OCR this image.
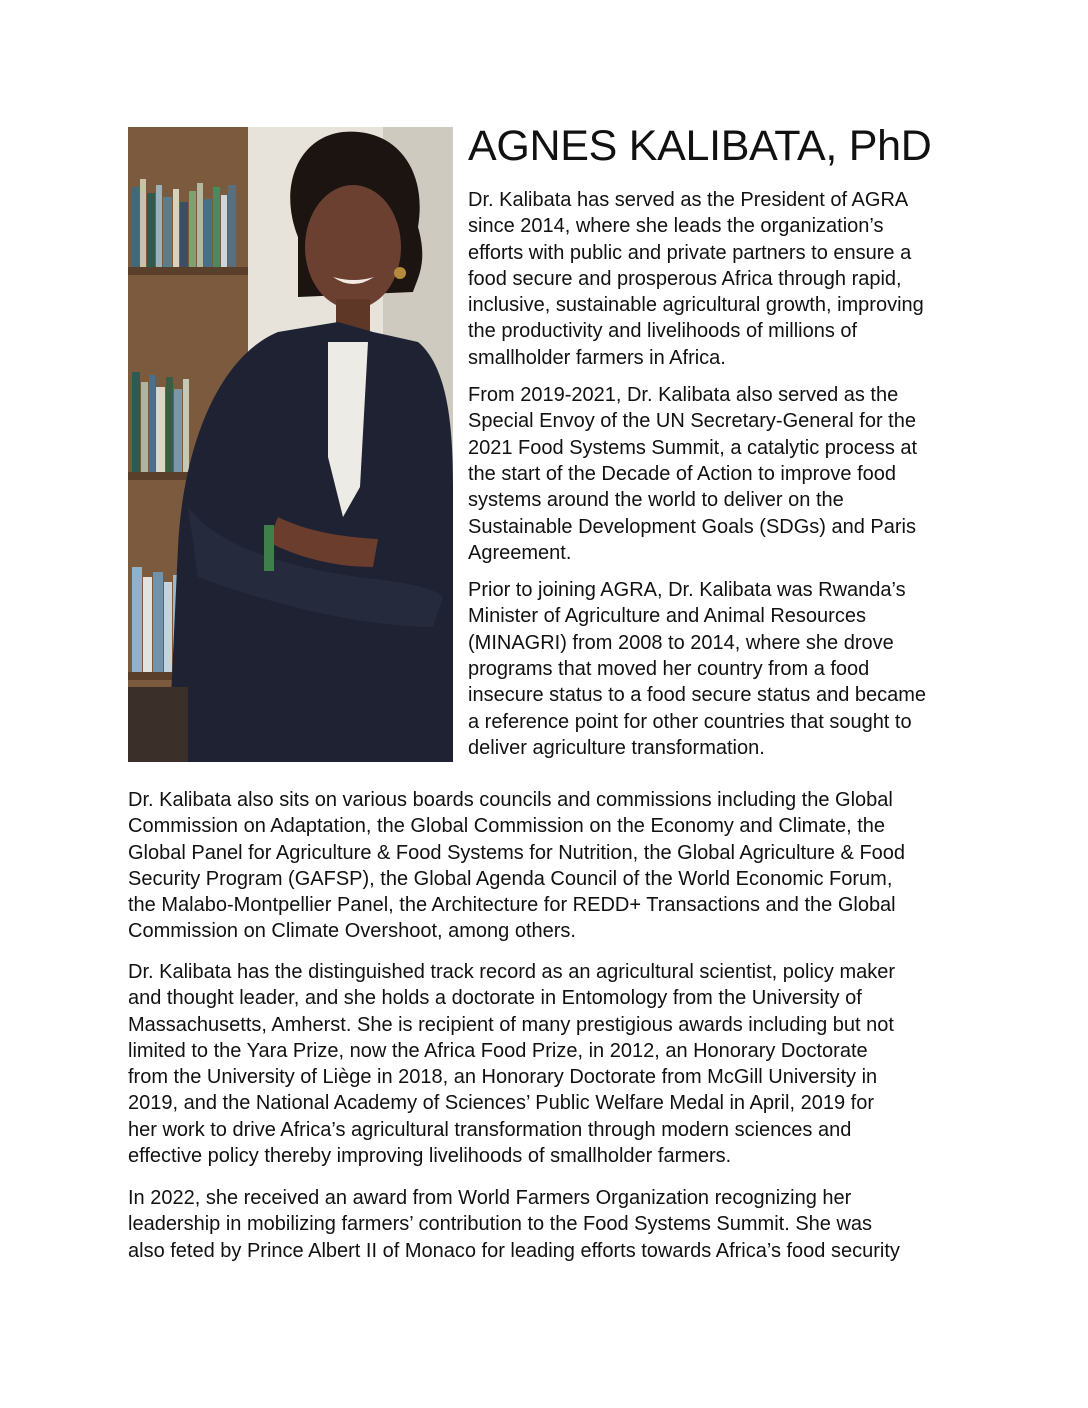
AGNES KALIBATA, PhD

Dr. Kalibata has served as the President of AGRA
since 2014, where she leads the organization’s
efforts with public and private partners to ensure a
food secure and prosperous Africa through rapid,
inclusive, sustainable agricultural growth, improving
the productivity and livelihoods of millions of
smallholder farmers in Africa.

From 2019-2021, Dr. Kalibata also served as the
Special Envoy of the UN Secretary-General for the
2021 Food Systems Summit, a catalytic process at
the start of the Decade of Action to improve food
systems around the world to deliver on the
Sustainable Development Goals (SDGs) and Paris
Agreement.

Prior to joining AGRA, Dr. Kalibata was Rwanda’s
Minister of Agriculture and Animal Resources
(MINAGRI) from 2008 to 2014, where she drove
programs that moved her country from a food
insecure status to a food secure status and became
a reference point for other countries that sought to
deliver agriculture transformation.

Dr. Kalibata also sits on various boards councils and commissions including the Global
Commission on Adaptation, the Global Commission on the Economy and Climate, the
Global Panel for Agriculture & Food Systems for Nutrition, the Global Agriculture & Food
Security Program (GAFSP), the Global Agenda Council of the World Economic Forum,
the Malabo-Montpellier Panel, the Architecture for REDD+ Transactions and the Global
Commission on Climate Overshoot, among others.

Dr. Kalibata has the distinguished track record as an agricultural scientist, policy maker
and thought leader, and she holds a doctorate in Entomology from the University of
Massachusetts, Amherst. She is recipient of many prestigious awards including but not
limited to the Yara Prize, now the Africa Food Prize, in 2012, an Honorary Doctorate
from the University of Liège in 2018, an Honorary Doctorate from McGill University in
2019, and the National Academy of Sciences’ Public Welfare Medal in April, 2019 for
her work to drive Africa’s agricultural transformation through modern sciences and
effective policy thereby improving livelihoods of smallholder farmers.

In 2022, she received an award from World Farmers Organization recognizing her
leadership in mobilizing farmers’ contribution to the Food Systems Summit. She was
also feted by Prince Albert II of Monaco for leading efforts towards Africa’s food security
